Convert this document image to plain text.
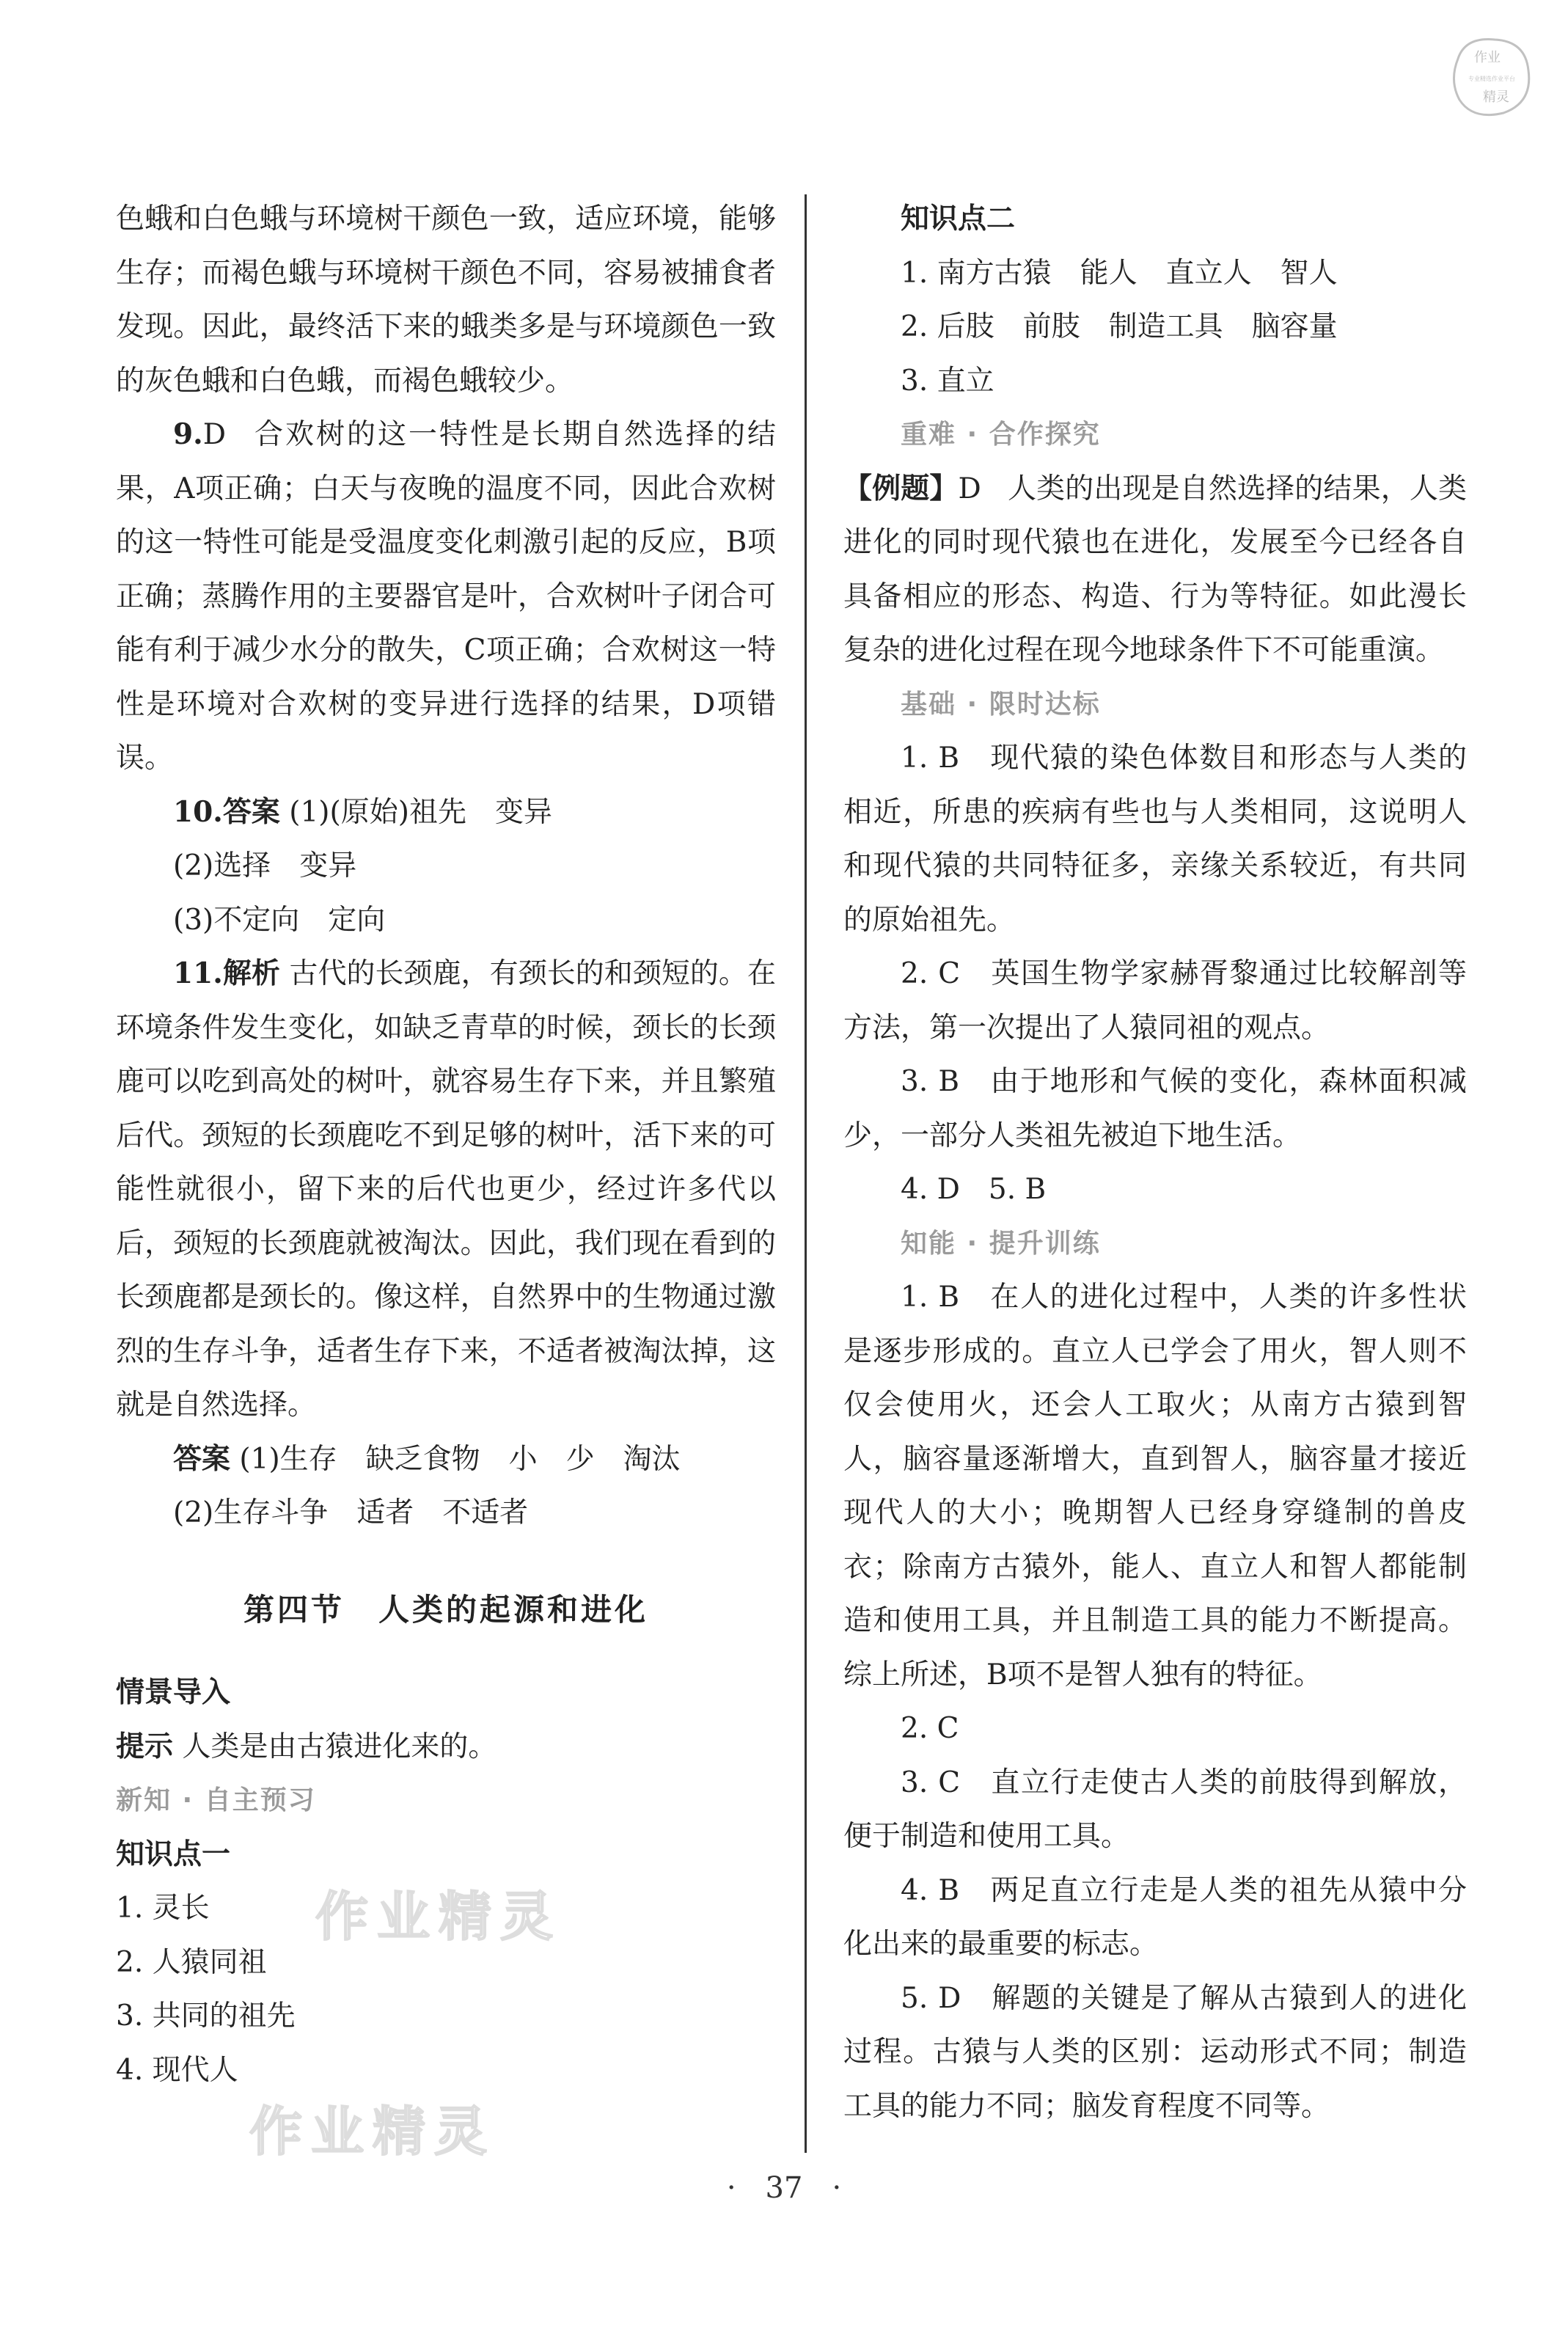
作业
专业精选作业平台
精灵
色蛾和白色蛾与环境树干颜色一致，适应环境，能够生存；而褐色蛾与环境树干颜色不同，容易被捕食者发现。因此，最终活下来的蛾类多是与环境颜色一致的灰色蛾和白色蛾，而褐色蛾较少。
9.D 合欢树的这一特性是长期自然选择的结果，A项正确；白天与夜晚的温度不同，因此合欢树的这一特性可能是受温度变化刺激引起的反应，B项正确；蒸腾作用的主要器官是叶，合欢树叶子闭合可能有利于减少水分的散失，C项正确；合欢树这一特性是环境对合欢树的变异进行选择的结果，D项错误。
10.答案 (1)(原始)祖先　变异
(2)选择　变异
(3)不定向　定向
11.解析 古代的长颈鹿，有颈长的和颈短的。在环境条件发生变化，如缺乏青草的时候，颈长的长颈鹿可以吃到高处的树叶，就容易生存下来，并且繁殖后代。颈短的长颈鹿吃不到足够的树叶，活下来的可能性就很小，留下来的后代也更少，经过许多代以后，颈短的长颈鹿就被淘汰。因此，我们现在看到的长颈鹿都是颈长的。像这样，自然界中的生物通过激烈的生存斗争，适者生存下来，不适者被淘汰掉，这就是自然选择。
答案 (1)生存　缺乏食物　小　少　淘汰
(2)生存斗争　适者　不适者
第四节　人类的起源和进化
情景导入
提示 人类是由古猿进化来的。
新知 · 自主预习
知识点一
1. 灵长
2. 人猿同祖
3. 共同的祖先
4. 现代人
知识点二
1. 南方古猿　能人　直立人　智人
2. 后肢　前肢　制造工具　脑容量
3. 直立
重难 · 合作探究
【例题】D 人类的出现是自然选择的结果，人类进化的同时现代猿也在进化，发展至今已经各自具备相应的形态、构造、行为等特征。如此漫长复杂的进化过程在现今地球条件下不可能重演。
基础 · 限时达标
1. B　现代猿的染色体数目和形态与人类的相近，所患的疾病有些也与人类相同，这说明人和现代猿的共同特征多，亲缘关系较近，有共同的原始祖先。
2. C　英国生物学家赫胥黎通过比较解剖等方法，第一次提出了人猿同祖的观点。
3. B　由于地形和气候的变化，森林面积减少，一部分人类祖先被迫下地生活。
4. D　5. B
知能 · 提升训练
1. B　在人的进化过程中，人类的许多性状是逐步形成的。直立人已学会了用火，智人则不仅会使用火，还会人工取火；从南方古猿到智人，脑容量逐渐增大，直到智人，脑容量才接近现代人的大小；晚期智人已经身穿缝制的兽皮衣；除南方古猿外，能人、直立人和智人都能制造和使用工具，并且制造工具的能力不断提高。综上所述，B项不是智人独有的特征。
2. C
3. C　直立行走使古人类的前肢得到解放，便于制造和使用工具。
4. B　两足直立行走是人类的祖先从猿中分化出来的最重要的标志。
5. D　解题的关键是了解从古猿到人的进化过程。古猿与人类的区别：运动形式不同；制造工具的能力不同；脑发育程度不同等。
作业精灵
作业精灵
· 37 ·
